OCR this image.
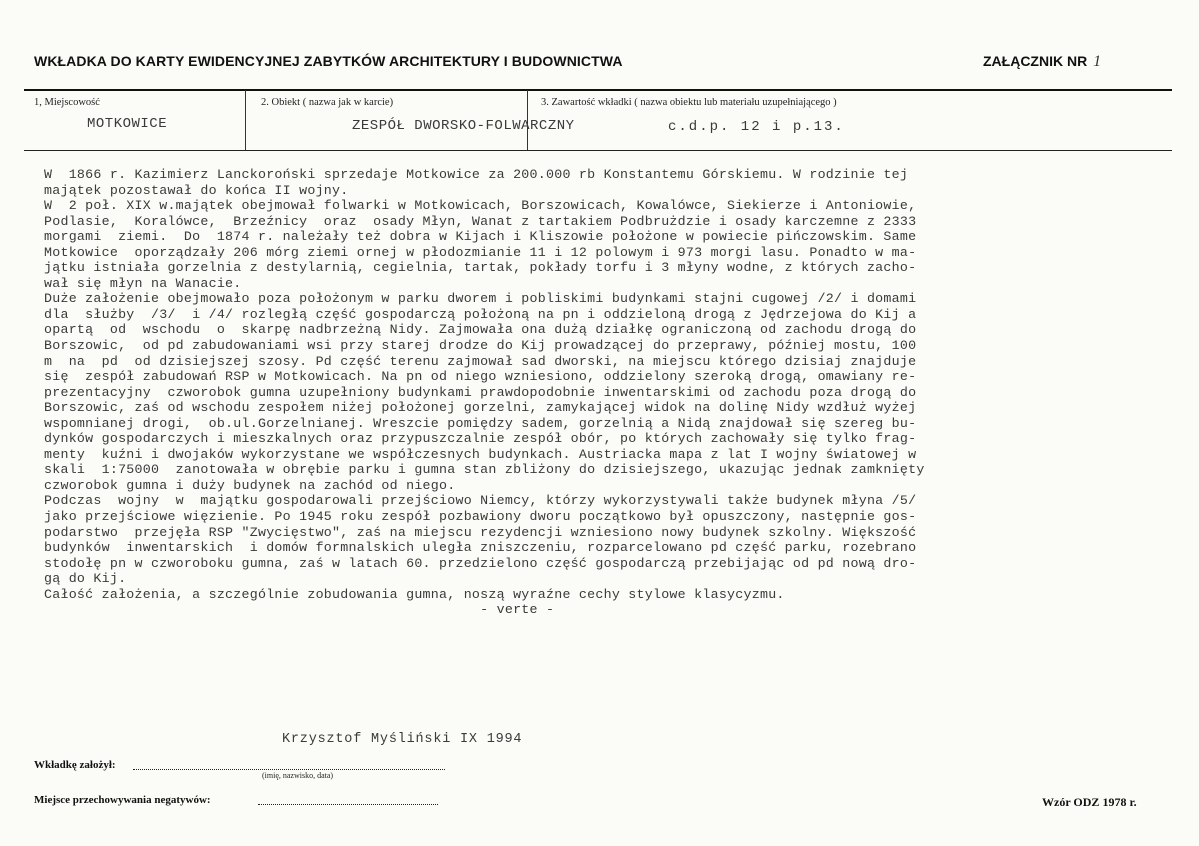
WKŁADKA DO KARTY EWIDENCYJNEJ ZABYTKÓW ARCHITEKTURY I BUDOWNICTWA	ZAŁĄCZNIK NR 1
1, Miejscowość
MOTKOWICE
2. Obiekt ( nazwa jak w karcie)
ZESPÓŁ DWORSKO-FOLWARCZNY
3. Zawartość wkładki ( nazwa obiektu lub materiału uzupełniającego )
c.d.p. 12 i p.13.
W  1866 r. Kazimierz Lanckoroński sprzedaje Motkowice za 200.000 rb Konstantemu Górskiemu. W rodzinie tej
majątek pozostawał do końca II wojny.
W  2 poł. XIX w.majątek obejmował folwarki w Motkowicach, Borszowicach, Kowalówce, Siekierze i Antoniowie,
Podlasie,  Koralówce,  Brzeźnicy  oraz  osady Młyn, Wanat z tartakiem Podbrużdzie i osady karczemne z 2333
morgami  ziemi.  Do  1874 r. należały też dobra w Kijach i Kliszowie położone w powiecie pińczowskim. Same
Motkowice  oporządzały 206 mórg ziemi ornej w płodozmianie 11 i 12 polowym i 973 morgi lasu. Ponadto w ma-
jątku istniała gorzelnia z destylarnią, cegielnia, tartak, pokłady torfu i 3 młyny wodne, z których zacho-
wał się młyn na Wanacie.
Duże założenie obejmowało poza położonym w parku dworem i pobliskimi budynkami stajni cugowej /2/ i domami
dla  służby  /3/  i /4/ rozległą część gospodarczą położoną na pn i oddzieloną drogą z Jędrzejowa do Kij a
opartą  od  wschodu  o  skarpę nadbrzeżną Nidy. Zajmowała ona dużą działkę ograniczoną od zachodu drogą do
Borszowic,  od pd zabudowaniami wsi przy starej drodze do Kij prowadzącej do przeprawy, później mostu, 100
m  na  pd  od dzisiejszej szosy. Pd część terenu zajmował sad dworski, na miejscu którego dzisiaj znajduje
się  zespół zabudowań RSP w Motkowicach. Na pn od niego wzniesiono, oddzielony szeroką drogą, omawiany re-
prezentacyjny  czworobok gumna uzupełniony budynkami prawdopodobnie inwentarskimi od zachodu poza drogą do
Borszowic, zaś od wschodu zespołem niżej położonej gorzelni, zamykającej widok na dolinę Nidy wzdłuż wyżej
wspomnianej drogi,  ob.ul.Gorzelnianej. Wreszcie pomiędzy sadem, gorzelnią a Nidą znajdował się szereg bu-
dynków gospodarczych i mieszkalnych oraz przypuszczalnie zespół obór, po których zachowały się tylko frag-
menty  kuźni i dwojaków wykorzystane we współczesnych budynkach. Austriacka mapa z lat I wojny światowej w
skali  1:75000  zanotowała w obrębie parku i gumna stan zbliżony do dzisiejszego, ukazując jednak zamknięty
czworobok gumna i duży budynek na zachód od niego.
Podczas  wojny  w  majątku gospodarowali przejściowo Niemcy, którzy wykorzystywali także budynek młyna /5/
jako przejściowe więzienie. Po 1945 roku zespół pozbawiony dworu początkowo był opuszczony, następnie gos-
podarstwo  przejęła RSP "Zwycięstwo", zaś na miejscu rezydencji wzniesiono nowy budynek szkolny. Większość
budynków  inwentarskich  i domów formnalskich uległa zniszczeniu, rozparcelowano pd część parku, rozebrano
stodołę pn w czworoboku gumna, zaś w latach 60. przedzielono część gospodarczą przebijając od pd nową dro-
gą do Kij.
Całość założenia, a szczególnie zobudowania gumna, noszą wyraźne cechy stylowe klasycyzmu.
- verte -
Krzysztof Myśliński IX 1994
Wkładkę założył:
(imię, nazwisko, data)
Miejsce przechowywania negatywów:	Wzór ODZ 1978 r.
